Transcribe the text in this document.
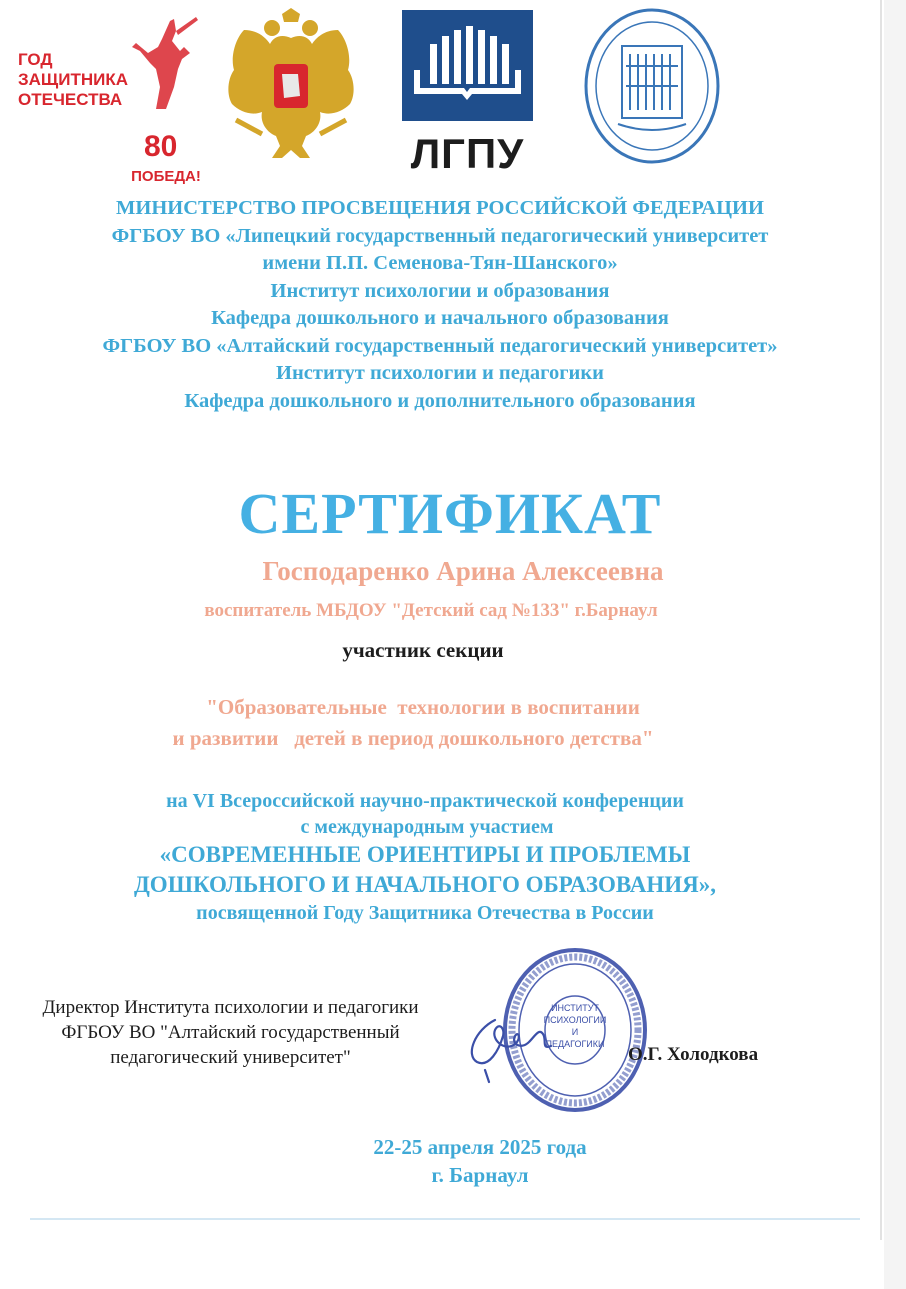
ГОД
ЗАЩИТНИКА
ОТЕЧЕСТВА
80
ПОБЕДА!	ЛГПУ
МИНИСТЕРСТВО ПРОСВЕЩЕНИЯ РОССИЙСКОЙ ФЕДЕРАЦИИ
ФГБОУ ВО «Липецкий государственный педагогический университет
имени П.П. Семенова-Тян-Шанского»
Институт психологии и образования
Кафедра дошкольного и начального образования
ФГБОУ ВО «Алтайский государственный педагогический университет»
Институт психологии и педагогики
Кафедра дошкольного и дополнительного образования
СЕРТИФИКАТ
Господаренко Арина Алексеевна
воспитатель МБДОУ "Детский сад №133" г.Барнаул
участник секции
"Образовательные  технологии в воспитании
и развитии   детей в период дошкольного детства"
на VI Всероссийской научно-практической конференции
с международным участием
«СОВРЕМЕННЫЕ ОРИЕНТИРЫ И ПРОБЛЕМЫ
ДОШКОЛЬНОГО И НАЧАЛЬНОГО ОБРАЗОВАНИЯ»,
посвященной Году Защитника Отечества в России
Директор Института психологии и педагогики
ФГБОУ ВО "Алтайский государственный
педагогический университет"
ИНСТИТУТ
ПСИХОЛОГИИ
И
ПЕДАГОГИКИ О.Г. Холодкова
22-25 апреля 2025 года
г. Барнаул
